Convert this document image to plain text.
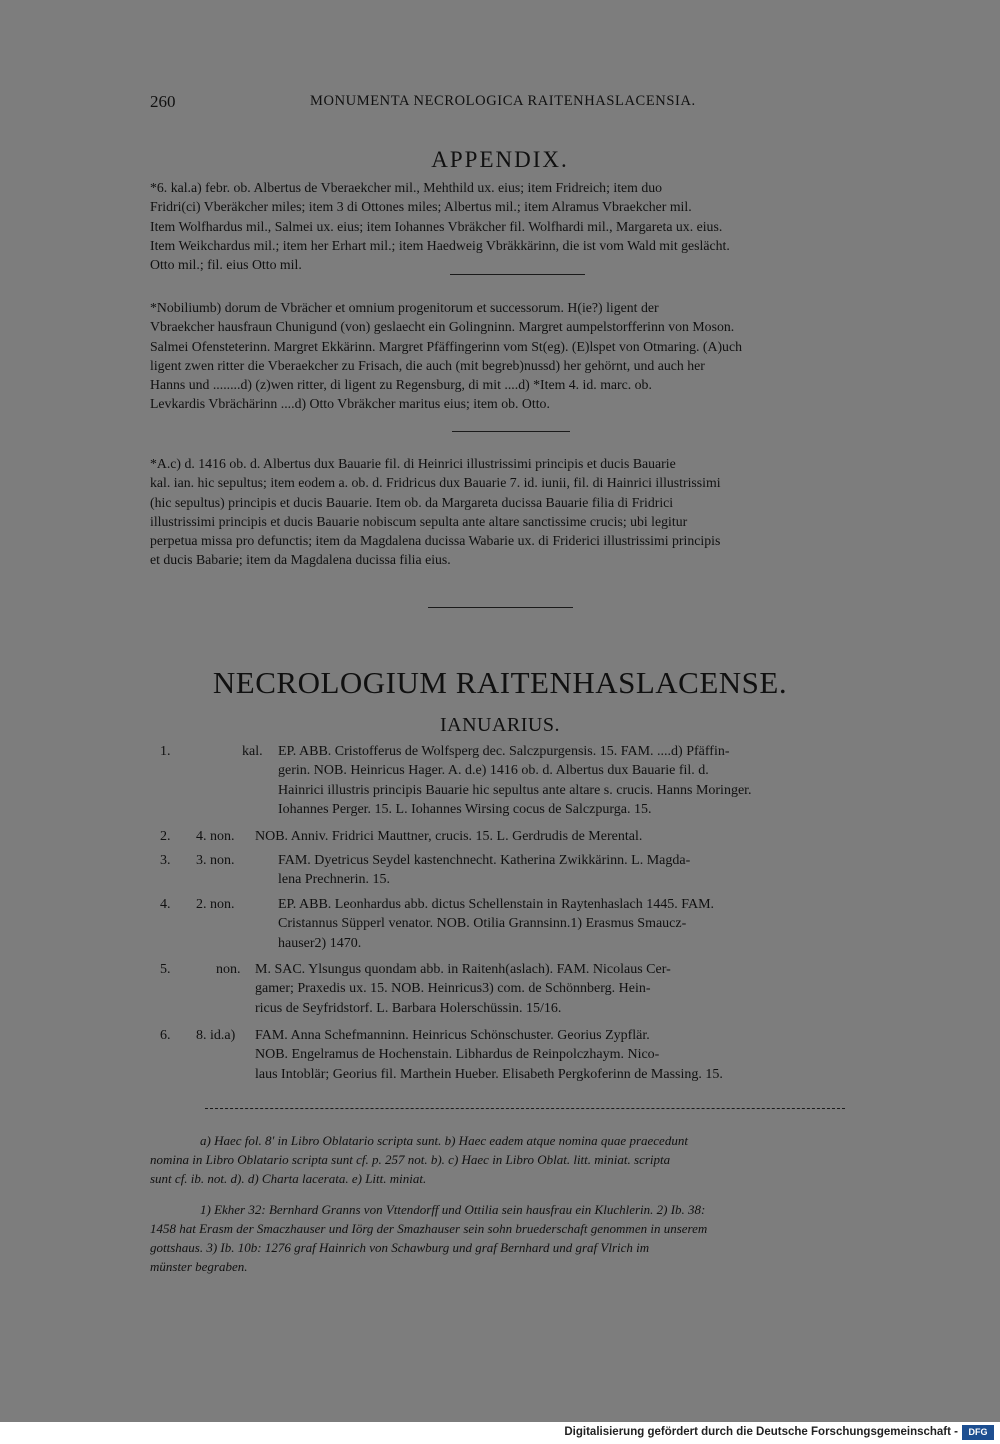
260	MONUMENTA NECROLOGICA RAITENHASLACENSIA.
APPENDIX.
*6. kal.a) febr. ob. Albertus de Vberaekcher mil., Mehthild ux. eius; item Fridreich; item duo
Fridri(ci) Vberäkcher miles; item 3 di Ottones miles; Albertus mil.; item Alramus Vbraekcher mil.
Item Wolfhardus mil., Salmei ux. eius; item Iohannes Vbräkcher fil. Wolfhardi mil., Margareta ux. eius.
Item Weikchardus mil.; item her Erhart mil.; item Haedweig Vbräkkärinn, die ist vom Wald mit geslächt.
Otto mil.; fil. eius Otto mil.
*Nobiliumb) dorum de Vbrächer et omnium progenitorum et successorum. H(ie?) ligent der
Vbraekcher hausfraun Chunigund (von) geslaecht ein Golingninn. Margret aumpelstorfferinn von Moson.
Salmei Ofensteterinn. Margret Ekkärinn. Margret Pfäffingerinn vom St(eg). (E)lspet von Otmaring. (A)uch
ligent zwen ritter die Vberaekcher zu Frisach, die auch (mit begreb)nussd) her gehörnt, und auch her
Hanns und ........d) (z)wen ritter, di ligent zu Regensburg, di mit ....d) *Item 4. id. marc. ob.
Levkardis Vbrächärinn ....d) Otto Vbräkcher maritus eius; item ob. Otto.
*A.c) d. 1416 ob. d. Albertus dux Bauarie fil. di Heinrici illustrissimi principis et ducis Bauarie
kal. ian. hic sepultus; item eodem a. ob. d. Fridricus dux Bauarie 7. id. iunii, fil. di Hainrici illustrissimi
(hic sepultus) principis et ducis Bauarie. Item ob. da Margareta ducissa Bauarie filia di Fridrici
illustrissimi principis et ducis Bauarie nobiscum sepulta ante altare sanctissime crucis; ubi legitur
perpetua missa pro defunctis; item da Magdalena ducissa Wabarie ux. di Friderici illustrissimi principis
et ducis Babarie; item da Magdalena ducissa filia eius.
NECROLOGIUM RAITENHASLACENSE.
IANUARIUS.
1.	kal. EP. ABB. Cristofferus de Wolfsperg dec. Salczpurgensis. 15. FAM. ....d) Pfäffin-
gerin. NOB. Heinricus Hager. A. d.e) 1416 ob. d. Albertus dux Bauarie fil. d.
Hainrici illustris principis Bauarie hic sepultus ante altare s. crucis. Hanns Moringer.
Iohannes Perger. 15. L. Iohannes Wirsing cocus de Salczpurga. 15.
2. 4. non. NOB. Anniv. Fridrici Mauttner, crucis. 15. L. Gerdrudis de Merental.
3. 3. non.	FAM. Dyetricus Seydel kastenchnecht. Katherina Zwikkärinn. L. Magda-
lena Prechnerin. 15.
4. 2. non.	EP. ABB. Leonhardus abb. dictus Schellenstain in Raytenhaslach 1445. FAM.
Cristannus Süpperl venator. NOB. Otilia Grannsinn.1) Erasmus Smaucz-
hauser2) 1470.
5.	non. M. SAC. Ylsungus quondam abb. in Raitenh(aslach). FAM. Nicolaus Cer-
gamer; Praxedis ux. 15. NOB. Heinricus3) com. de Schönnberg. Hein-
ricus de Seyfridstorf. L. Barbara Holerschüssin. 15/16.
6. 8. id.a) FAM. Anna Schefmanninn. Heinricus Schönschuster. Georius Zypflär.
NOB. Engelramus de Hochenstain. Libhardus de Reinpolczhaym. Nico-
laus Intoblär; Georius fil. Marthein Hueber. Elisabeth Pergkoferinn de Massing. 15.
a) Haec fol. 8' in Libro Oblatario scripta sunt. b) Haec eadem atque nomina quae praecedunt
nomina in Libro Oblatario scripta sunt cf. p. 257 not. b). c) Haec in Libro Oblat. litt. miniat. scripta
sunt cf. ib. not. d). d) Charta lacerata. e) Litt. miniat.
1) Ekher 32: Bernhard Granns von Vttendorff und Ottilia sein hausfrau ein Kluchlerin. 2) Ib. 38:
1458 hat Erasm der Smaczhauser und Iörg der Smazhauser sein sohn bruederschaft genommen in unserem
gottshaus. 3) Ib. 10b: 1276 graf Hainrich von Schawburg und graf Bernhard und graf Vlrich im
münster begraben.
Digitalisierung gefördert durch die Deutsche Forschungsgemeinschaft -	DFG
